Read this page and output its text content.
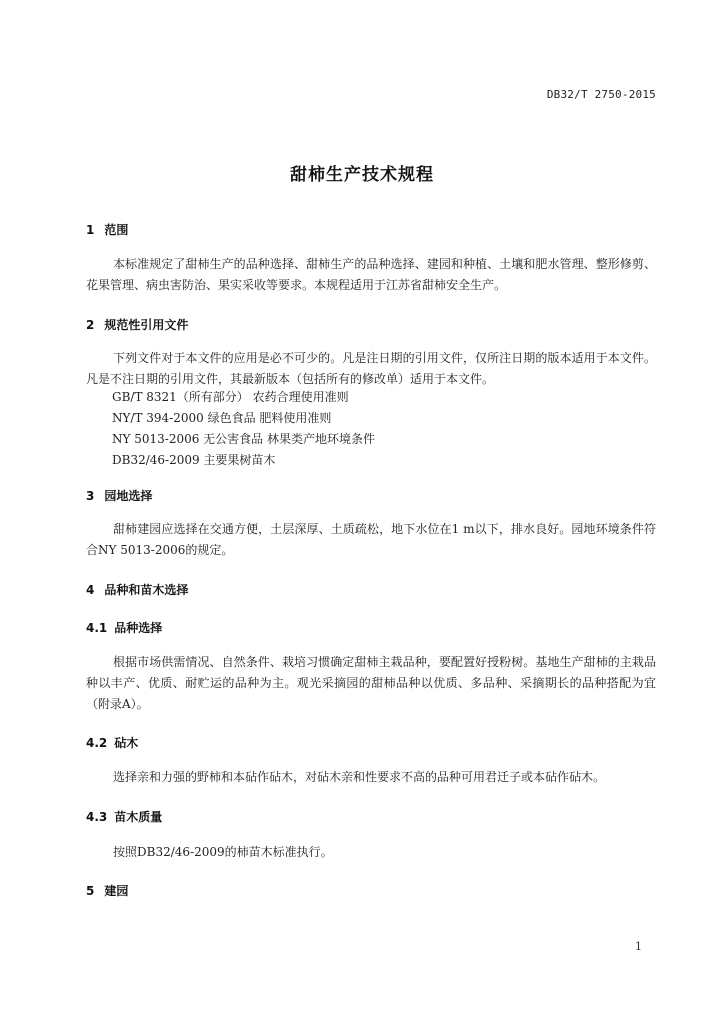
DB32/T 2750-2015
甜柿生产技术规程
1 范围
本标准规定了甜柿生产的品种选择、甜柿生产的品种选择、建园和种植、土壤和肥水管理、整形修剪、花果管理、病虫害防治、果实采收等要求。本规程适用于江苏省甜柿安全生产。
2 规范性引用文件
下列文件对于本文件的应用是必不可少的。凡是注日期的引用文件，仅所注日期的版本适用于本文件。凡是不注日期的引用文件，其最新版本（包括所有的修改单）适用于本文件。
GB/T 8321（所有部分） 农药合理使用准则
NY/T 394-2000 绿色食品 肥料使用准则
NY 5013-2006 无公害食品 林果类产地环境条件
DB32/46-2009 主要果树苗木
3 园地选择
甜柿建园应选择在交通方便，土层深厚、土质疏松，地下水位在1 m以下，排水良好。园地环境条件符合NY 5013-2006的规定。
4 品种和苗木选择
4.1 品种选择
根据市场供需情况、自然条件、栽培习惯确定甜柿主栽品种，要配置好授粉树。基地生产甜柿的主栽品种以丰产、优质、耐贮运的品种为主。观光采摘园的甜柿品种以优质、多品种、采摘期长的品种搭配为宜（附录A）。
4.2 砧木
选择亲和力强的野柿和本砧作砧木，对砧木亲和性要求不高的品种可用君迁子或本砧作砧木。
4.3 苗木质量
按照DB32/46-2009的柿苗木标准执行。
5 建园
1
